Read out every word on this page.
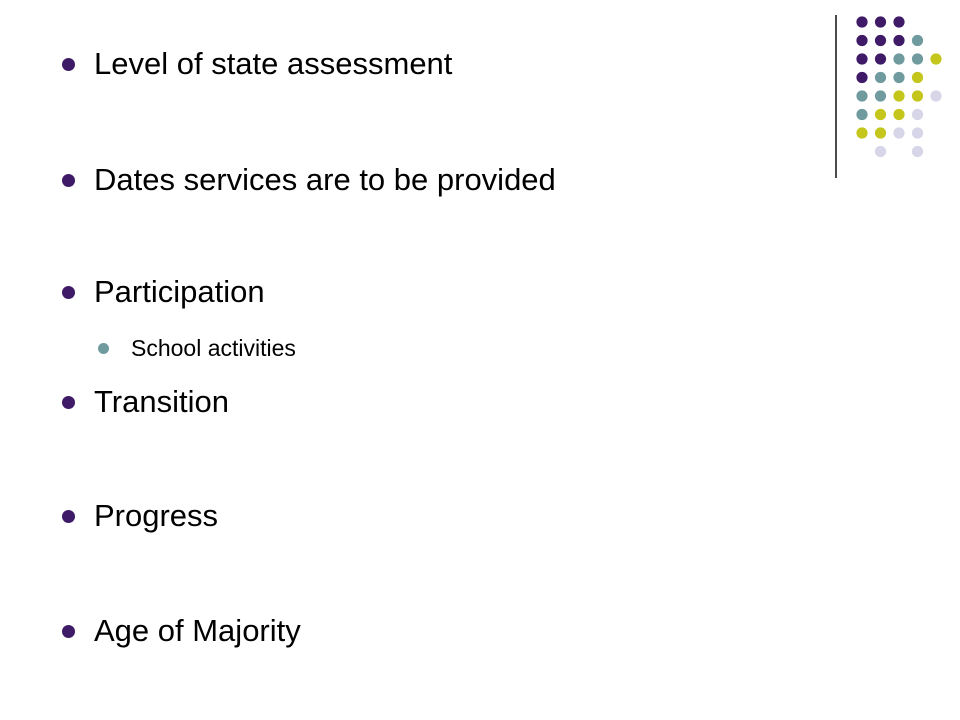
Level of state assessment
Dates services are to be provided
Participation
School activities
Transition
Progress
Age of Majority
